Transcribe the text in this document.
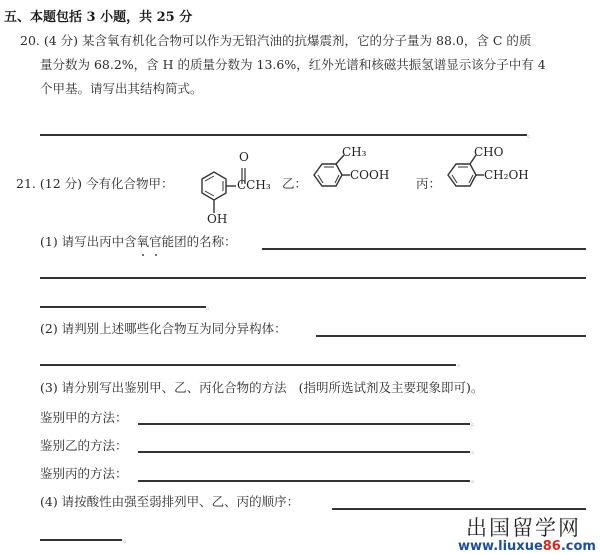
五、本题包括 3 小题，共 25 分
20. (4 分) 某含氧有机化合物可以作为无铅汽油的抗爆震剂，它的分子量为 88.0，含 C 的质
量分数为 68.2%，含 H 的质量分数为 13.6%，红外光谱和核磁共振氢谱显示该分子中有 4
个甲基。请写出其结构简式。
。
21. (12 分) 今有化合物甲：
O
CCH₃
OH
乙：
CH₃
COOH
丙：
CHO
CH₂OH
(1) 请写出丙中含氧官能团的名称：
。
(2) 请判别上述哪些化合物互为同分异构体：
。
(3) 请分别写出鉴别甲、乙、丙化合物的方法 (指明所选试剂及主要现象即可)。
鉴别甲的方法：	。
鉴别乙的方法：	。
鉴别丙的方法：	。
(4) 请按酸性由强至弱排列甲、乙、丙的顺序：
。	出国留学网
www.liuxue86.com
